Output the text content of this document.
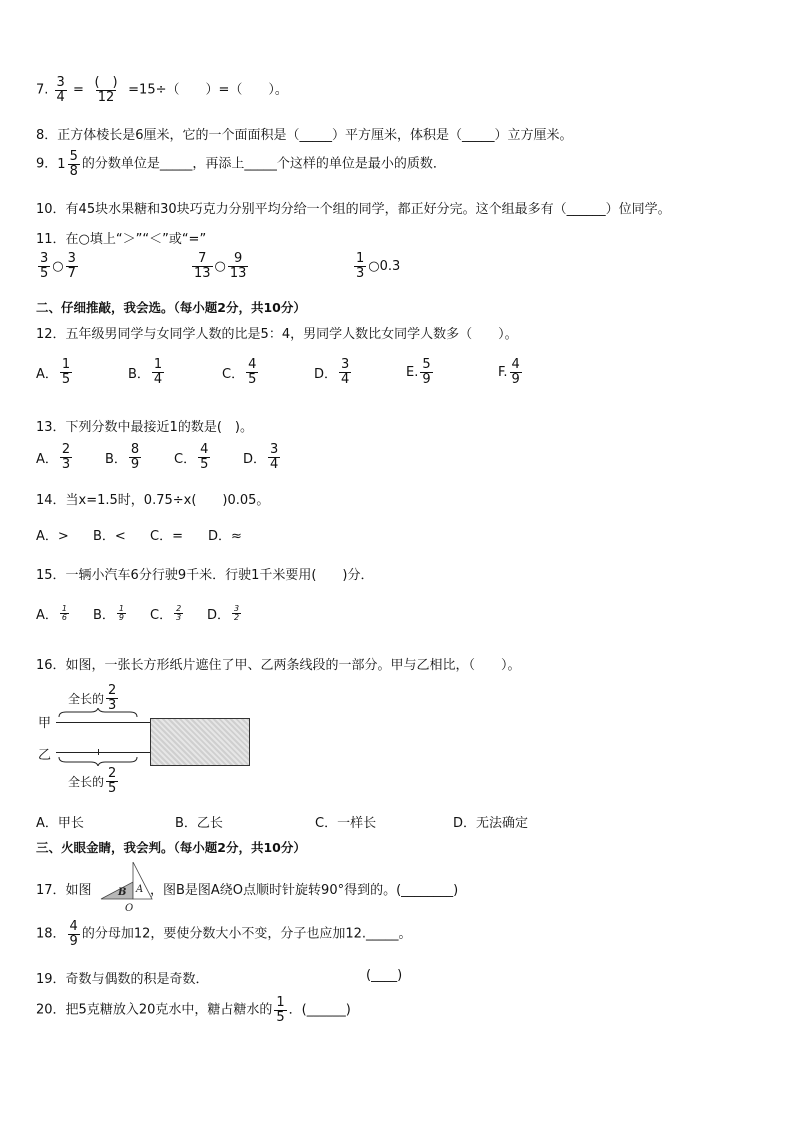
7. $\frac{3}{4} = \frac{( )}{12} =15\div$（　　）=（　　）。
8．正方体棱长是6厘米，它的一个面面积是（_____）平方厘米，体积是（_____）立方厘米。
9． $1 \frac{5}{8}$ 的分数单位是_____，再添上_____个这样的单位是最小的质数．
10．有45块水果糖和30块巧克力分别平均分给一个组的同学，都正好分完。这个组最多有（______）位同学。
11．在○填上“＞”“＜”或“=”
$\frac{3}{5}$ ○ $\frac{3}{7}$	$\frac{7}{13}$ ○ $\frac{9}{13}$	$\frac{1}{3}$ ○ 0.3
二、仔细推敲，我会选。（每小题2分，共10分）
12．五年级男同学与女同学人数的比是5：4，男同学人数比女同学人数多（　　）。
A． $\frac{1}{5}$	B． $\frac{1}{4}$	C． $\frac{4}{5}$	D． $\frac{3}{4}$	E. $\frac{5}{9}$	F. $\frac{4}{9}$
13．下列分数中最接近1的数是(　)。
A． $\frac{2}{3}$	B． $\frac{8}{9}$	C． $\frac{4}{5}$	D． $\frac{3}{4}$
14．当x=1.5时，0.75÷x(　　)0.05。
A．> B．< C．= D．≈
15．一辆小汽车6分行驶9千米．行驶1千米要用(　　)分．
A． $\frac{1}{6}$ B． $\frac{1}{9}$ C． $\frac{2}{3}$ D． $\frac{3}{2}$
16．如图，一张长方形纸片遮住了甲、乙两条线段的一部分。甲与乙相比，（　　）。
全长的 $\frac{2}{3}$
甲
乙
全长的 $\frac{2}{5}$
A．甲长	B．乙长	C．一样长	D．无法确定
三、火眼金睛，我会判。（每小题2分，共10分）
17．如图	B A
O
，图B是图A绕O点顺时针旋转90°得到的。(________)
18． $\frac{4}{9}$ 的分母加12，要使分数大小不变，分子也应加12._____。
19．奇数与偶数的积是奇数．	(____)
20．把5克糖放入20克水中，糖占糖水的 $\frac{1}{5}$ ．(______)
